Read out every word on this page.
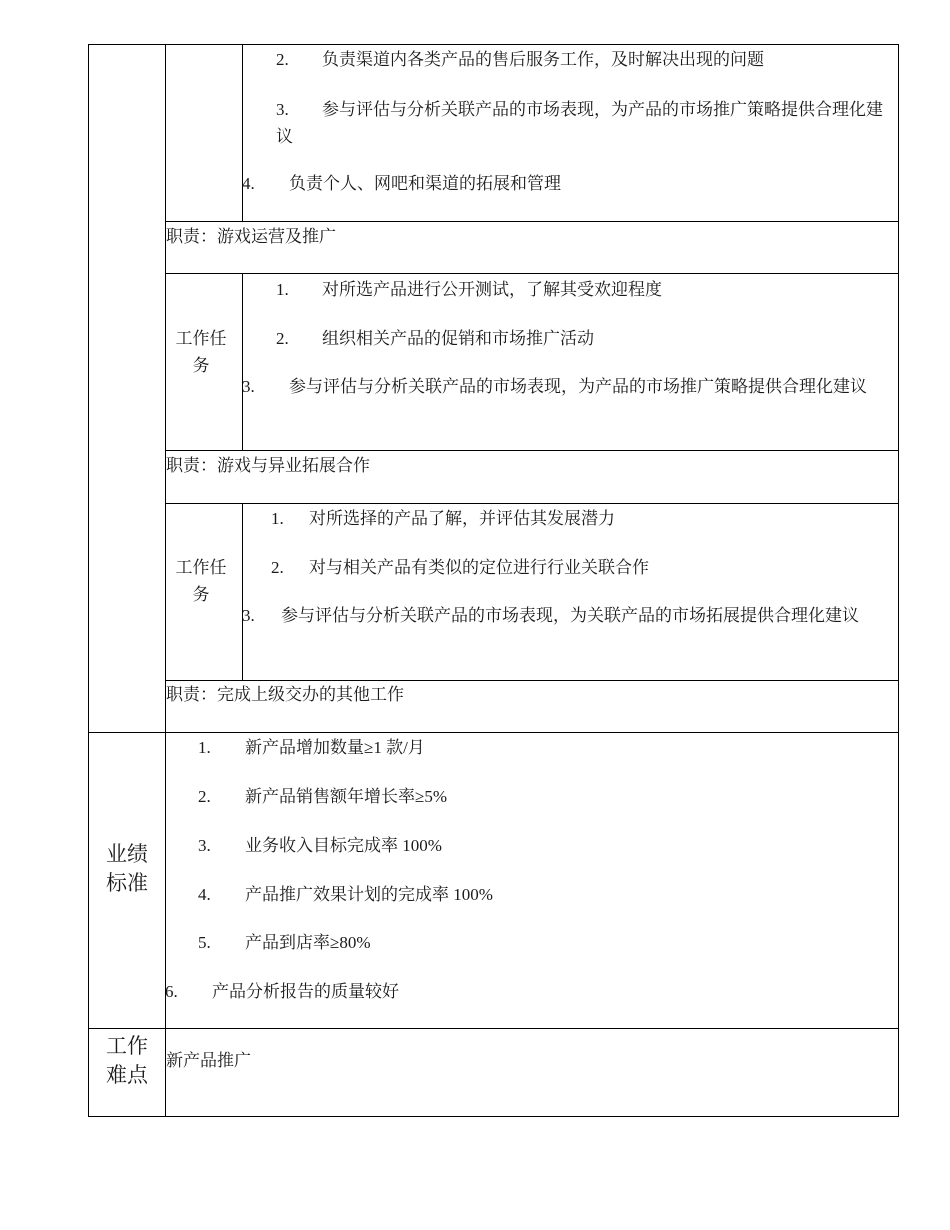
2. 负责渠道内各类产品的售后服务工作，及时解决出现的问题
3. 参与评估与分析关联产品的市场表现，为产品的市场推广策略提供合理化建议
4. 负责个人、网吧和渠道的拓展和管理
职责：游戏运营及推广
工作任务
1. 对所选产品进行公开测试，了解其受欢迎程度
2. 组织相关产品的促销和市场推广活动
3. 参与评估与分析关联产品的市场表现，为产品的市场推广策略提供合理化建议
职责：游戏与异业拓展合作
工作任务
1. 对所选择的产品了解，并评估其发展潜力
2. 对与相关产品有类似的定位进行行业关联合作
3. 参与评估与分析关联产品的市场表现，为关联产品的市场拓展提供合理化建议
职责：完成上级交办的其他工作
业绩标准
1. 新产品增加数量≥1 款/月
2. 新产品销售额年增长率≥5%
3. 业务收入目标完成率 100%
4. 产品推广效果计划的完成率 100%
5. 产品到店率≥80%
6. 产品分析报告的质量较好
工作难点
新产品推广
